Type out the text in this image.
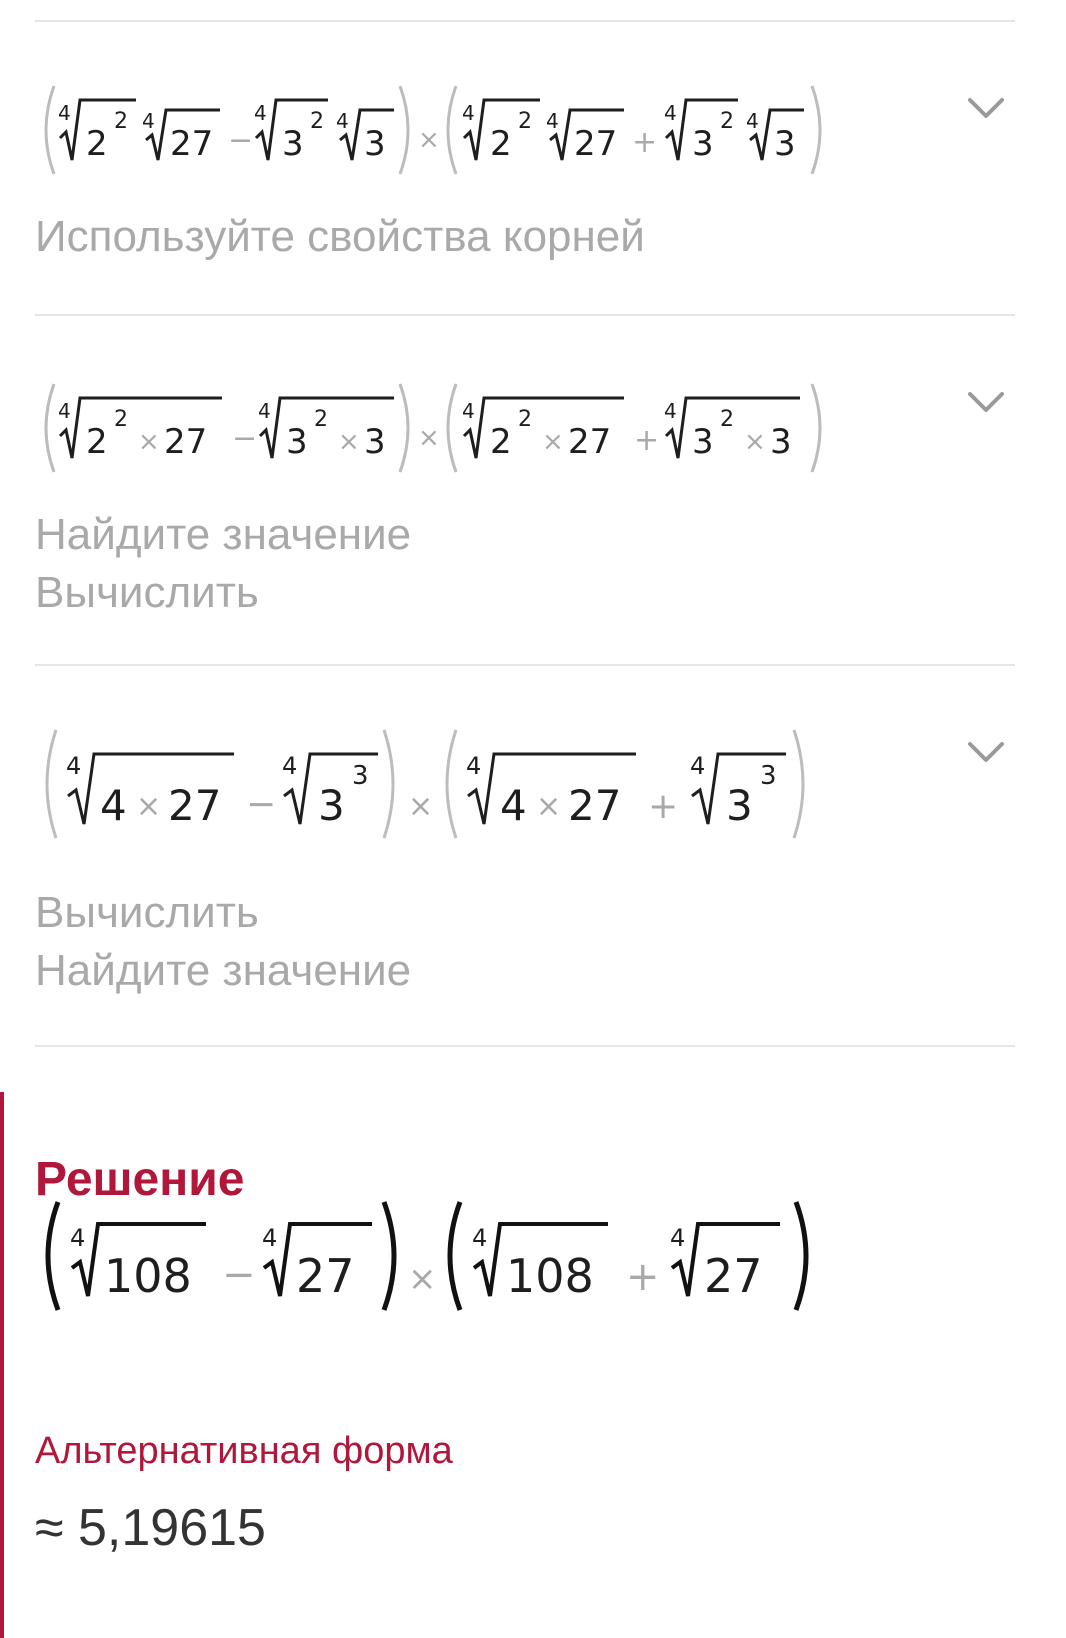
4
2
2 4
27 −
4
3
2 4
3 ×
4
2
2 4
27 +
4
3
2 4
3
Используйте свойства корней
4
2
2
× 27 −
4
3
2
× 3 ×
4
2
2
× 27 +
4
3
2
× 3
Найдите значение
Вычислить
4
4 × 27 −
4
3
3
×
4
4 × 27 +
4
3
3
Вычислить
Найдите значение
Решение
4
108 −
4
27 ×
4
108 +
4
27
Альтернативная форма
≈ 5,19615
